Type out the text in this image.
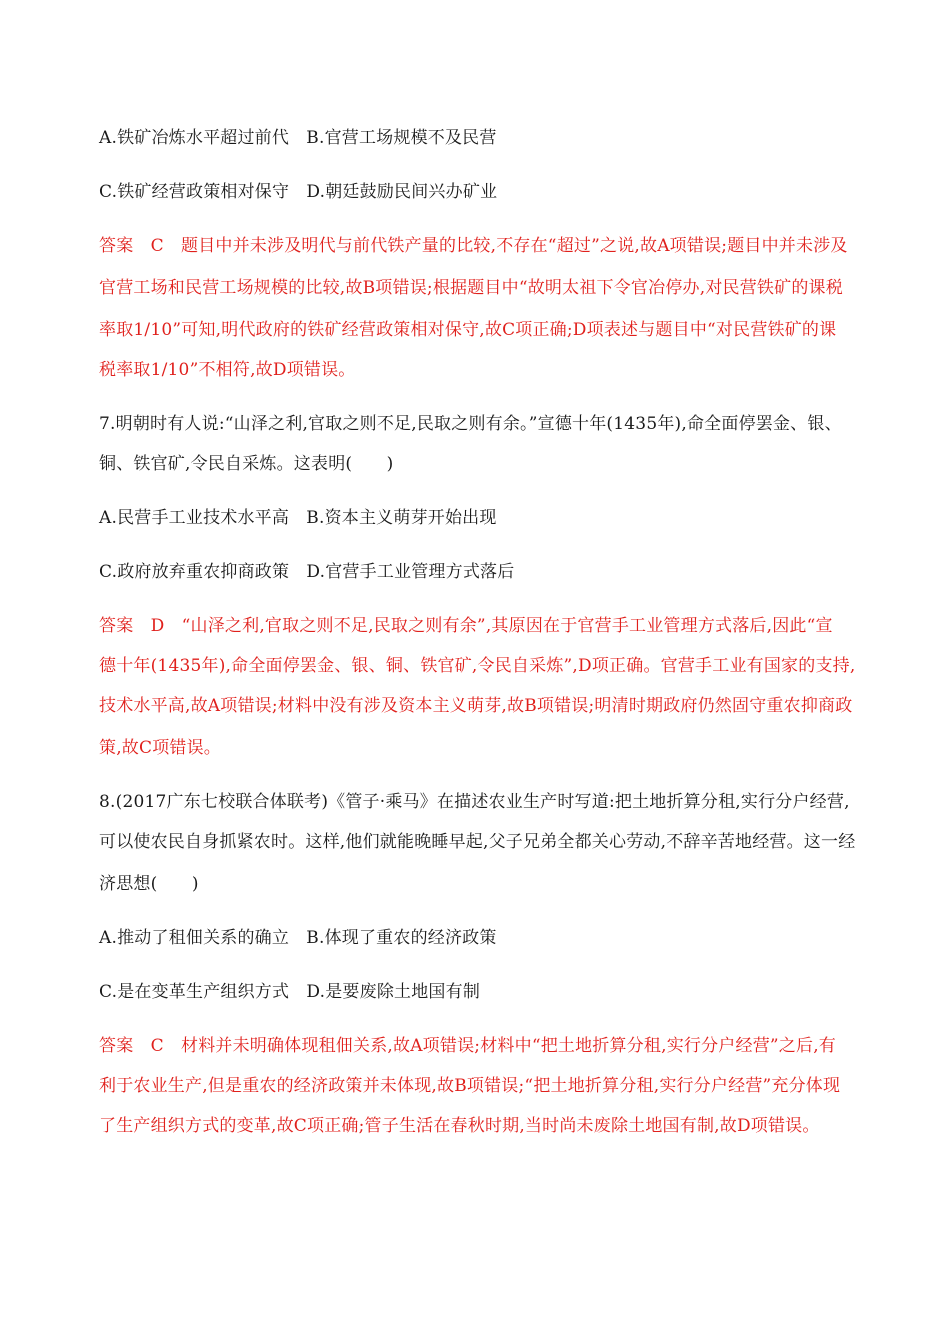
A.铁矿冶炼水平超过前代　B.官营工场规模不及民营
C.铁矿经营政策相对保守　D.朝廷鼓励民间兴办矿业
答案　C　题目中并未涉及明代与前代铁产量的比较,不存在“超过”之说,故A项错误;题目中并未涉及
官营工场和民营工场规模的比较,故B项错误;根据题目中“故明太祖下令官冶停办,对民营铁矿的课税
率取1/10”可知,明代政府的铁矿经营政策相对保守,故C项正确;D项表述与题目中“对民营铁矿的课
税率取1/10”不相符,故D项错误。
7.明朝时有人说:“山泽之利,官取之则不足,民取之则有余。”宣德十年(1435年),命全面停罢金、银、
铜、铁官矿,令民自采炼。这表明(　　)
A.民营手工业技术水平高　B.资本主义萌芽开始出现
C.政府放弃重农抑商政策　D.官营手工业管理方式落后
答案　D　“山泽之利,官取之则不足,民取之则有余”,其原因在于官营手工业管理方式落后,因此“宣
德十年(1435年),命全面停罢金、银、铜、铁官矿,令民自采炼”,D项正确。官营手工业有国家的支持,
技术水平高,故A项错误;材料中没有涉及资本主义萌芽,故B项错误;明清时期政府仍然固守重农抑商政
策,故C项错误。
8.(2017广东七校联合体联考)《管子·乘马》在描述农业生产时写道:把土地折算分租,实行分户经营,
可以使农民自身抓紧农时。这样,他们就能晚睡早起,父子兄弟全都关心劳动,不辞辛苦地经营。这一经
济思想(　　)
A.推动了租佃关系的确立　B.体现了重农的经济政策
C.是在变革生产组织方式　D.是要废除土地国有制
答案　C　材料并未明确体现租佃关系,故A项错误;材料中“把土地折算分租,实行分户经营”之后,有
利于农业生产,但是重农的经济政策并未体现,故B项错误;“把土地折算分租,实行分户经营”充分体现
了生产组织方式的变革,故C项正确;管子生活在春秋时期,当时尚未废除土地国有制,故D项错误。
